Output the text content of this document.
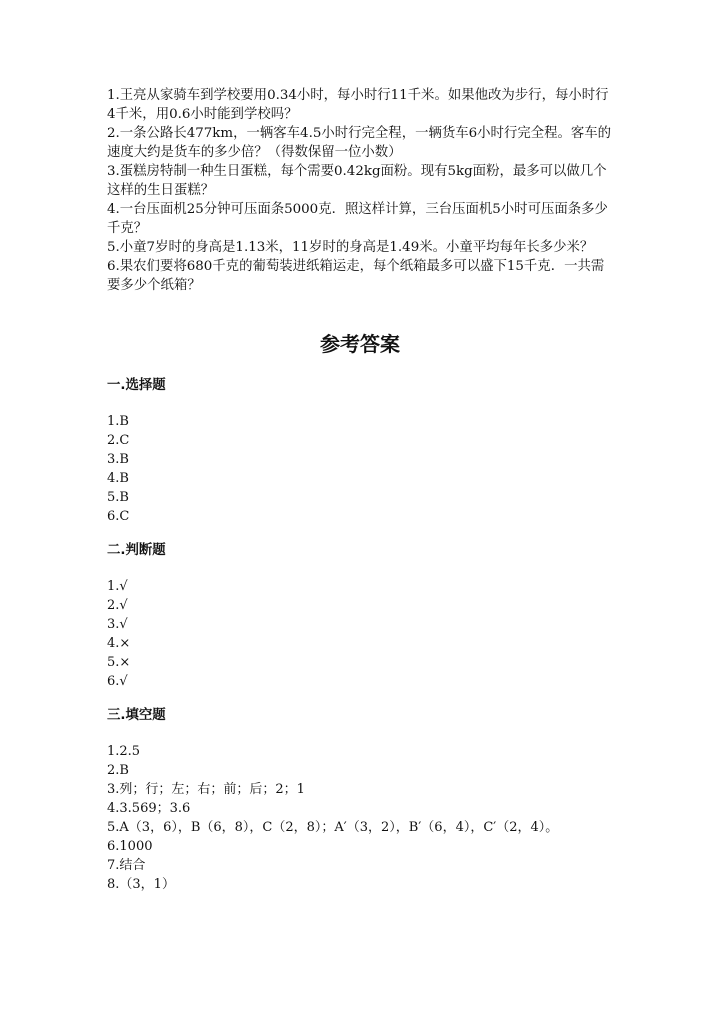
1.王亮从家骑车到学校要用0.34小时，每小时行11千米。如果他改为步行，每小时行4千米，用0.6小时能到学校吗？

2.一条公路长477km，一辆客车4.5小时行完全程，一辆货车6小时行完全程。客车的速度大约是货车的多少倍？（得数保留一位小数）

3.蛋糕房特制一种生日蛋糕，每个需要0.42kg面粉。现有5kg面粉，最多可以做几个这样的生日蛋糕？

4.一台压面机25分钟可压面条5000克．照这样计算，三台压面机5小时可压面条多少千克？

5.小童7岁时的身高是1.13米，11岁时的身高是1.49米。小童平均每年长多少米？

6.果农们要将680千克的葡萄装进纸箱运走，每个纸箱最多可以盛下15千克．一共需要多少个纸箱？

参考答案

一.选择题

1.B

2.C

3.B

4.B

5.B

6.C

二.判断题

1.√

2.√

3.√

4.×

5.×

6.√

三.填空题

1.2.5

2.B

3.列；行；左；右；前；后；2；1

4.3.569；3.6

5.A（3，6），B（6，8），C（2，8）；A′（3，2），B′（6，4），C′（2，4）。

6.1000

7.结合

8.（3，1）
